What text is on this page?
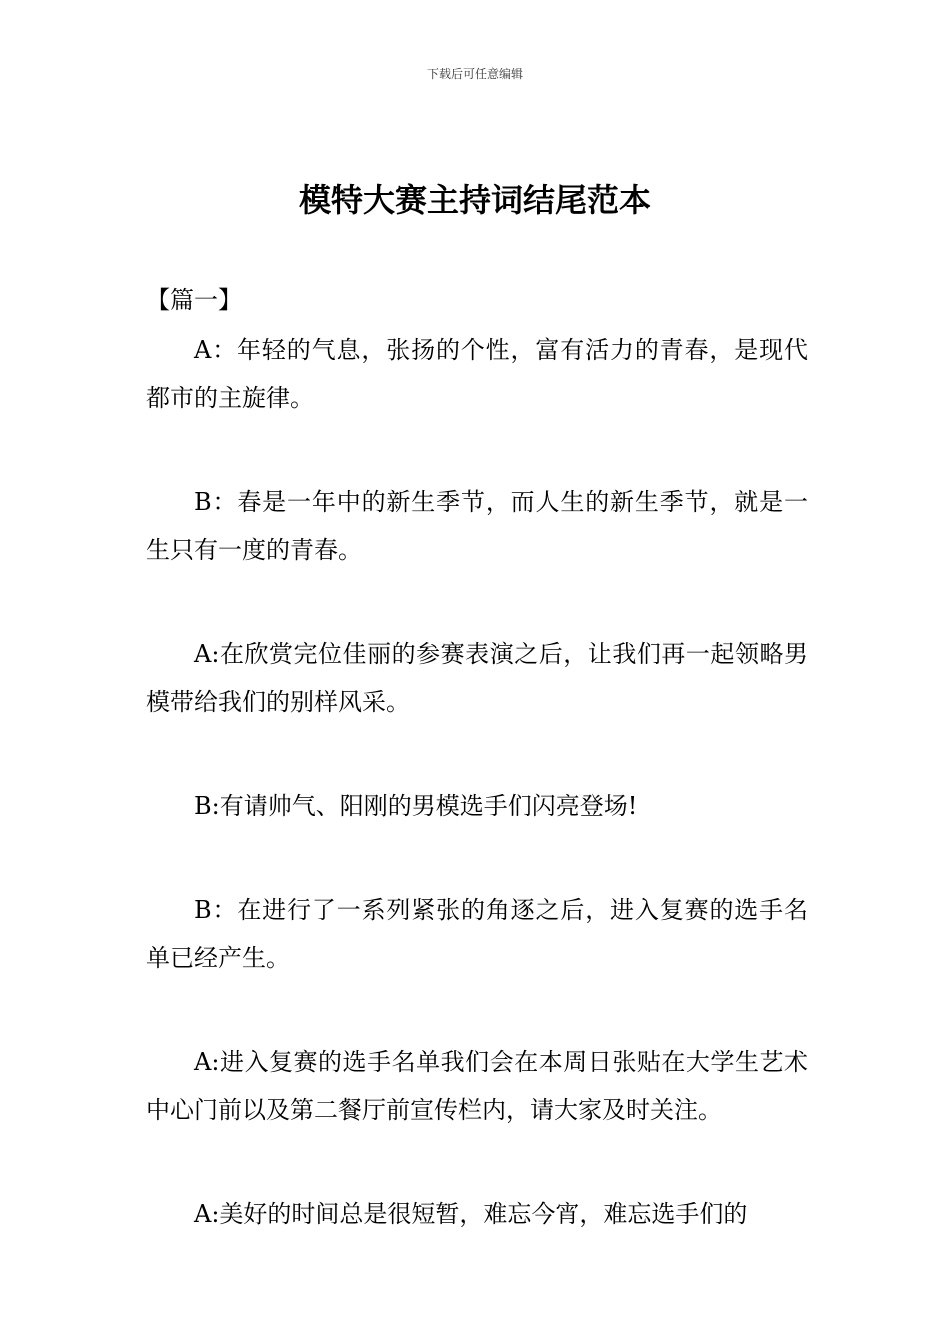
下载后可任意编辑
模特大赛主持词结尾范本
【篇一】

A：年轻的气息，张扬的个性，富有活力的青春，是现代都市的主旋律。

B：春是一年中的新生季节，而人生的新生季节，就是一生只有一度的青春。

A:在欣赏完位佳丽的参赛表演之后，让我们再一起领略男模带给我们的别样风采。

B:有请帅气、阳刚的男模选手们闪亮登场!

B：在进行了一系列紧张的角逐之后，进入复赛的选手名单已经产生。

A:进入复赛的选手名单我们会在本周日张贴在大学生艺术中心门前以及第二餐厅前宣传栏内，请大家及时关注。

A:美好的时间总是很短暂，难忘今宵，难忘选手们的
